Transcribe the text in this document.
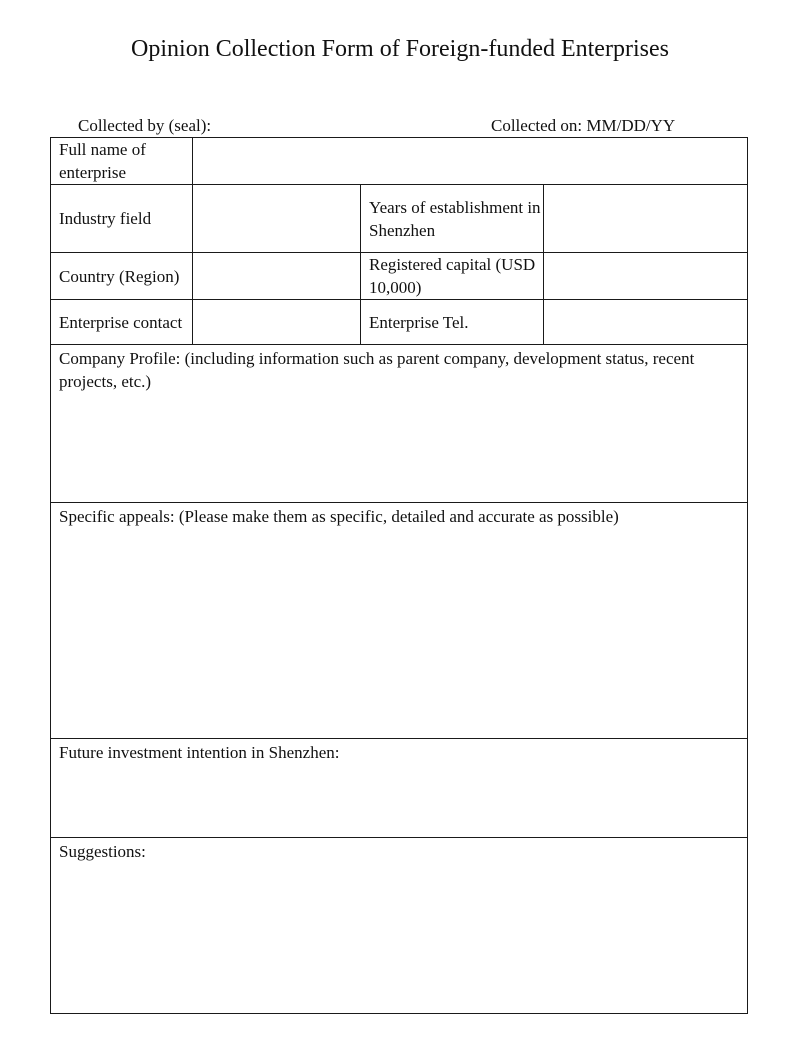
Opinion Collection Form of Foreign-funded Enterprises
Collected by (seal):	Collected on: MM/DD/YY
Full name of enterprise			
Industry field		Years of establishment in Shenzhen	
Country (Region)		Registered capital (USD 10,000)	
Enterprise contact		Enterprise Tel.	
Company Profile: (including information such as parent company, development status, recent projects, etc.)			
Specific appeals: (Please make them as specific, detailed and accurate as possible)			
Future investment intention in Shenzhen:			
Suggestions:			
